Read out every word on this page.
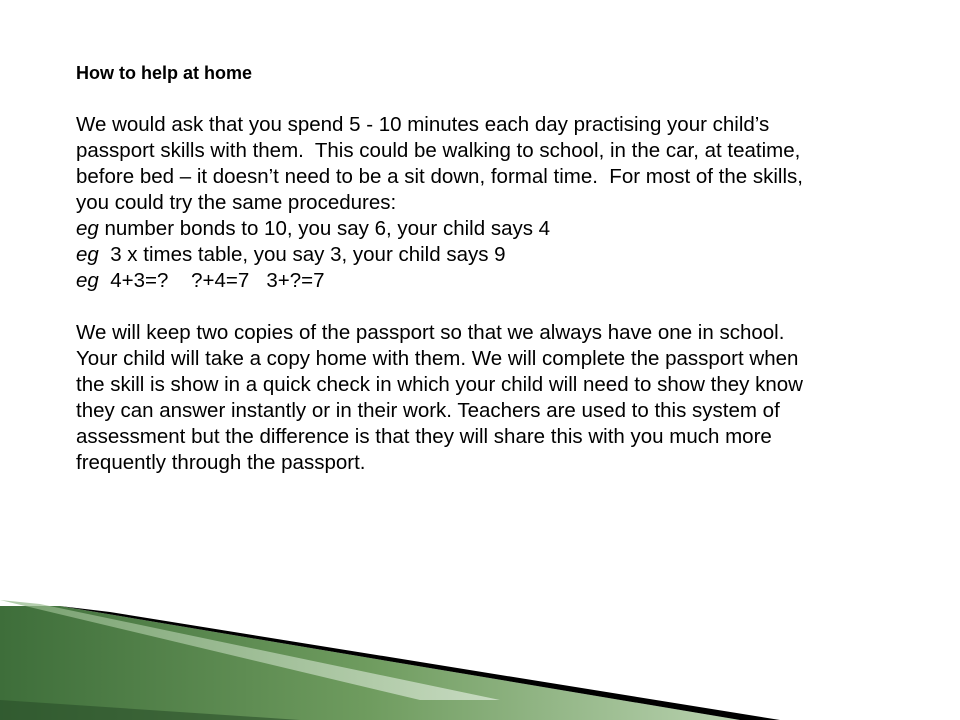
How to help at home

We would ask that you spend 5 - 10 minutes each day practising your child’s
passport skills with them.  This could be walking to school, in the car, at teatime,
before bed – it doesn’t need to be a sit down, formal time.  For most of the skills,
you could try the same procedures:

eg number bonds to 10, you say 6, your child says 4
eg  3 x times table, you say 3, your child says 9
eg  4+3=?    ?+4=7   3+?=7

We will keep two copies of the passport so that we always have one in school.
Your child will take a copy home with them. We will complete the passport when
the skill is show in a quick check in which your child will need to show they know
they can answer instantly or in their work. Teachers are used to this system of
assessment but the difference is that they will share this with you much more
frequently through the passport.
